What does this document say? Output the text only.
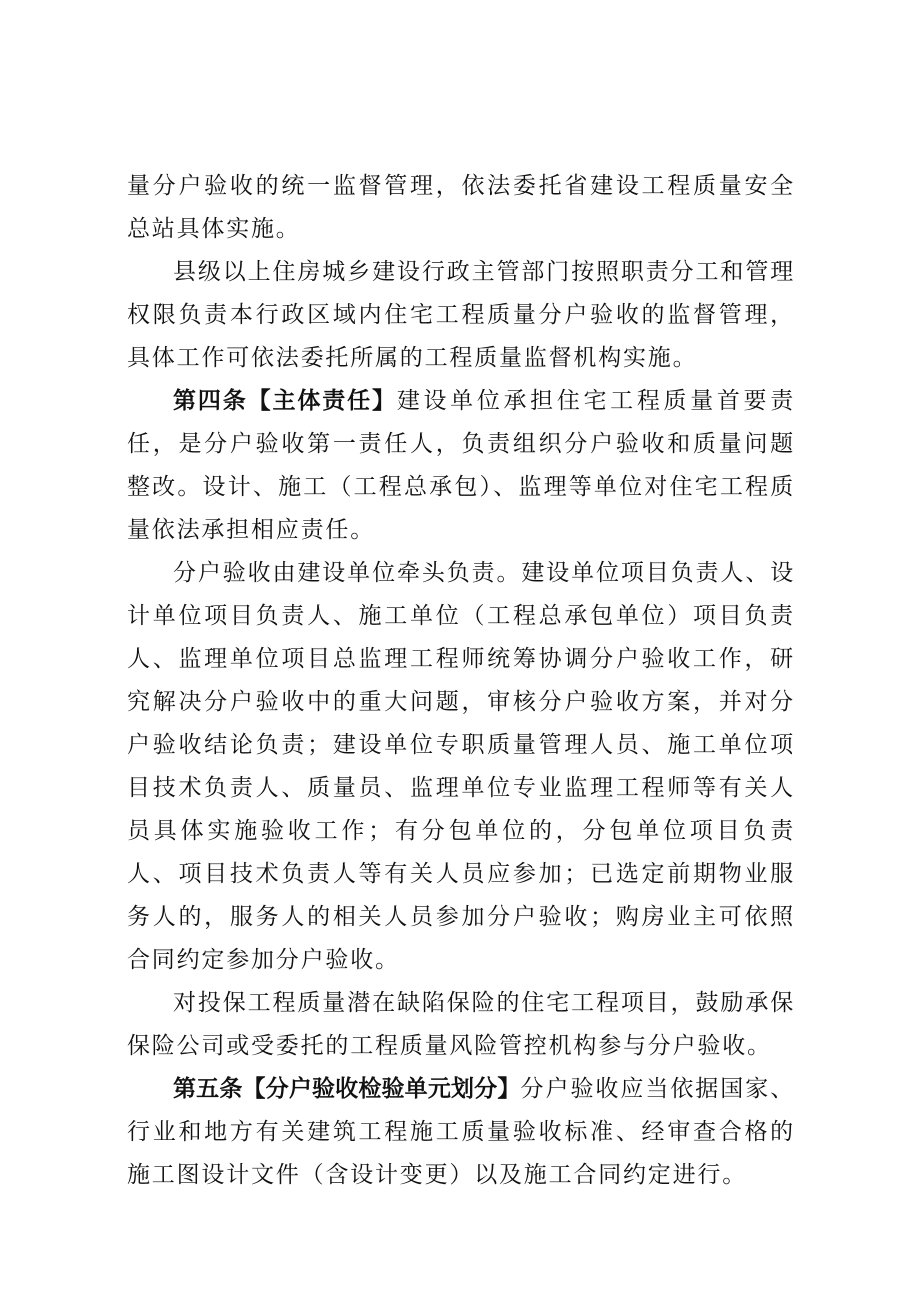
量分户验收的统一监督管理，依法委托省建设工程质量安全总站具体实施。

县级以上住房城乡建设行政主管部门按照职责分工和管理权限负责本行政区域内住宅工程质量分户验收的监督管理，具体工作可依法委托所属的工程质量监督机构实施。

第四条【主体责任】建设单位承担住宅工程质量首要责任，是分户验收第一责任人，负责组织分户验收和质量问题整改。设计、施工（工程总承包）、监理等单位对住宅工程质量依法承担相应责任。

分户验收由建设单位牵头负责。建设单位项目负责人、设计单位项目负责人、施工单位（工程总承包单位）项目负责人、监理单位项目总监理工程师统筹协调分户验收工作，研究解决分户验收中的重大问题，审核分户验收方案，并对分户验收结论负责；建设单位专职质量管理人员、施工单位项目技术负责人、质量员、监理单位专业监理工程师等有关人员具体实施验收工作；有分包单位的，分包单位项目负责人、项目技术负责人等有关人员应参加；已选定前期物业服务人的，服务人的相关人员参加分户验收；购房业主可依照合同约定参加分户验收。

对投保工程质量潜在缺陷保险的住宅工程项目，鼓励承保保险公司或受委托的工程质量风险管控机构参与分户验收。

第五条【分户验收检验单元划分】分户验收应当依据国家、行业和地方有关建筑工程施工质量验收标准、经审查合格的施工图设计文件（含设计变更）以及施工合同约定进行。
